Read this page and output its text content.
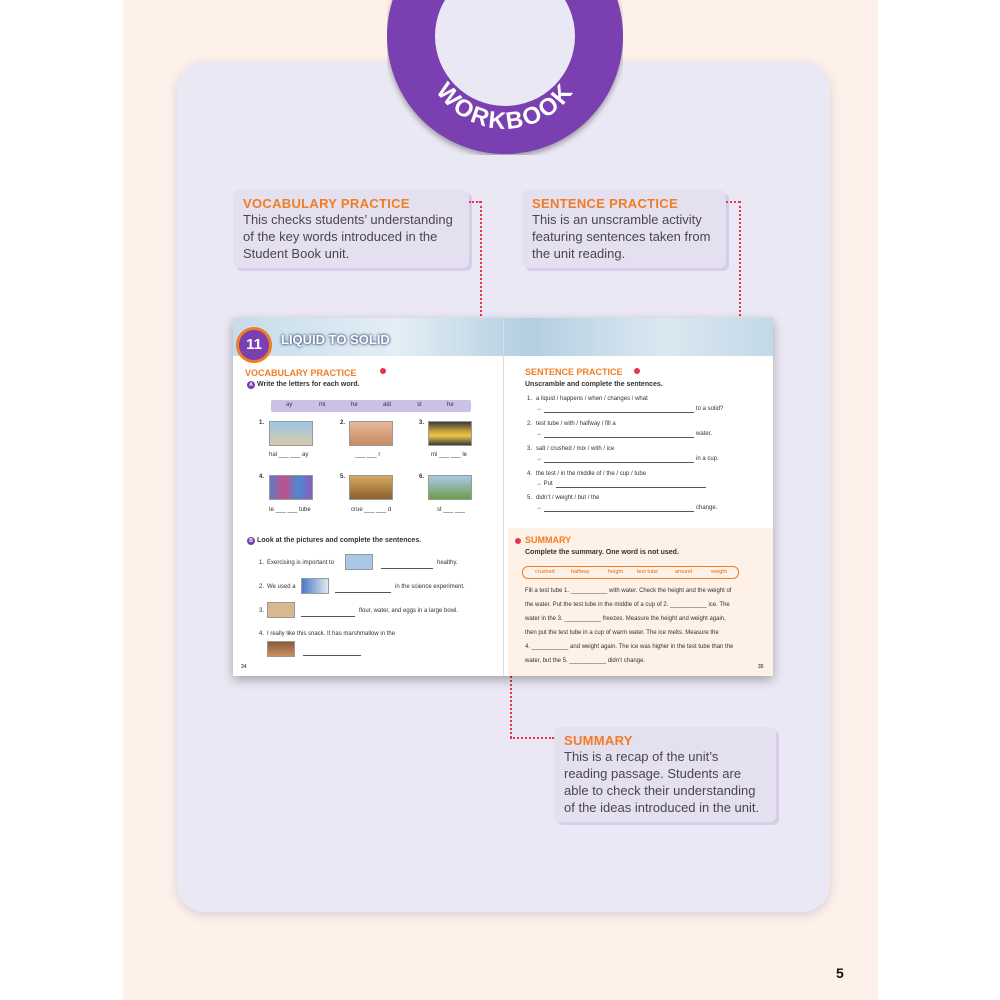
WORKBOOK
VOCABULARY PRACTICE
This checks students’ understanding
of the key words introduced in the
Student Book unit.
SENTENCE PRACTICE
This is an unscramble activity
featuring sentences taken from
the unit reading.
SUMMARY
This is a recap of the unit’s
reading passage. Students are
able to check their understanding
of the ideas introduced in the unit.
11	LIQUID TO SOLID
VOCABULARY PRACTICE
A Write the letters for each word.
ay	mi	he	ald	st	he
1.
hal ___ ___ ay
2.
___ ___ r
3.
mi ___ ___ le
4.
te ___ ___ tube
5.
crue ___ ___ d
6.
st ___ ___
B Look at the pictures and complete the sentences.
1. Exercising is important to	healthy.
2. We used a	in the science experiment.
3.	flour, water, and eggs in a large bowl.
4. I really like this snack. It has marshmallow in the
34
SENTENCE PRACTICE
Unscramble and complete the sentences.
1. a liquid / happens / when / changes / what
→	to a solid?
2. test tube / with / halfway / fill a
→	water.
3. salt / crushed / mix / with / ice
→	in a cup.
4. the test / in the middle of / the / cup / tube
→ Put
5. didn’t / weight / but / the
→	change.
SUMMARY
Complete the summary. One word is not used.
crushed	halfway	height	test tube	around	weight
Fill a test tube 1. ___________ with water. Check the height and the weight of
the water. Put the test tube in the middle of a cup of 2. ___________ ice. The
water in the 3. ___________ freezes. Measure the height and weight again,
then put the test tube in a cup of warm water. The ice melts. Measure the
4. ___________ and weight again. The ice was higher in the test tube than the
water, but the 5. ___________ didn’t change.
35
5
